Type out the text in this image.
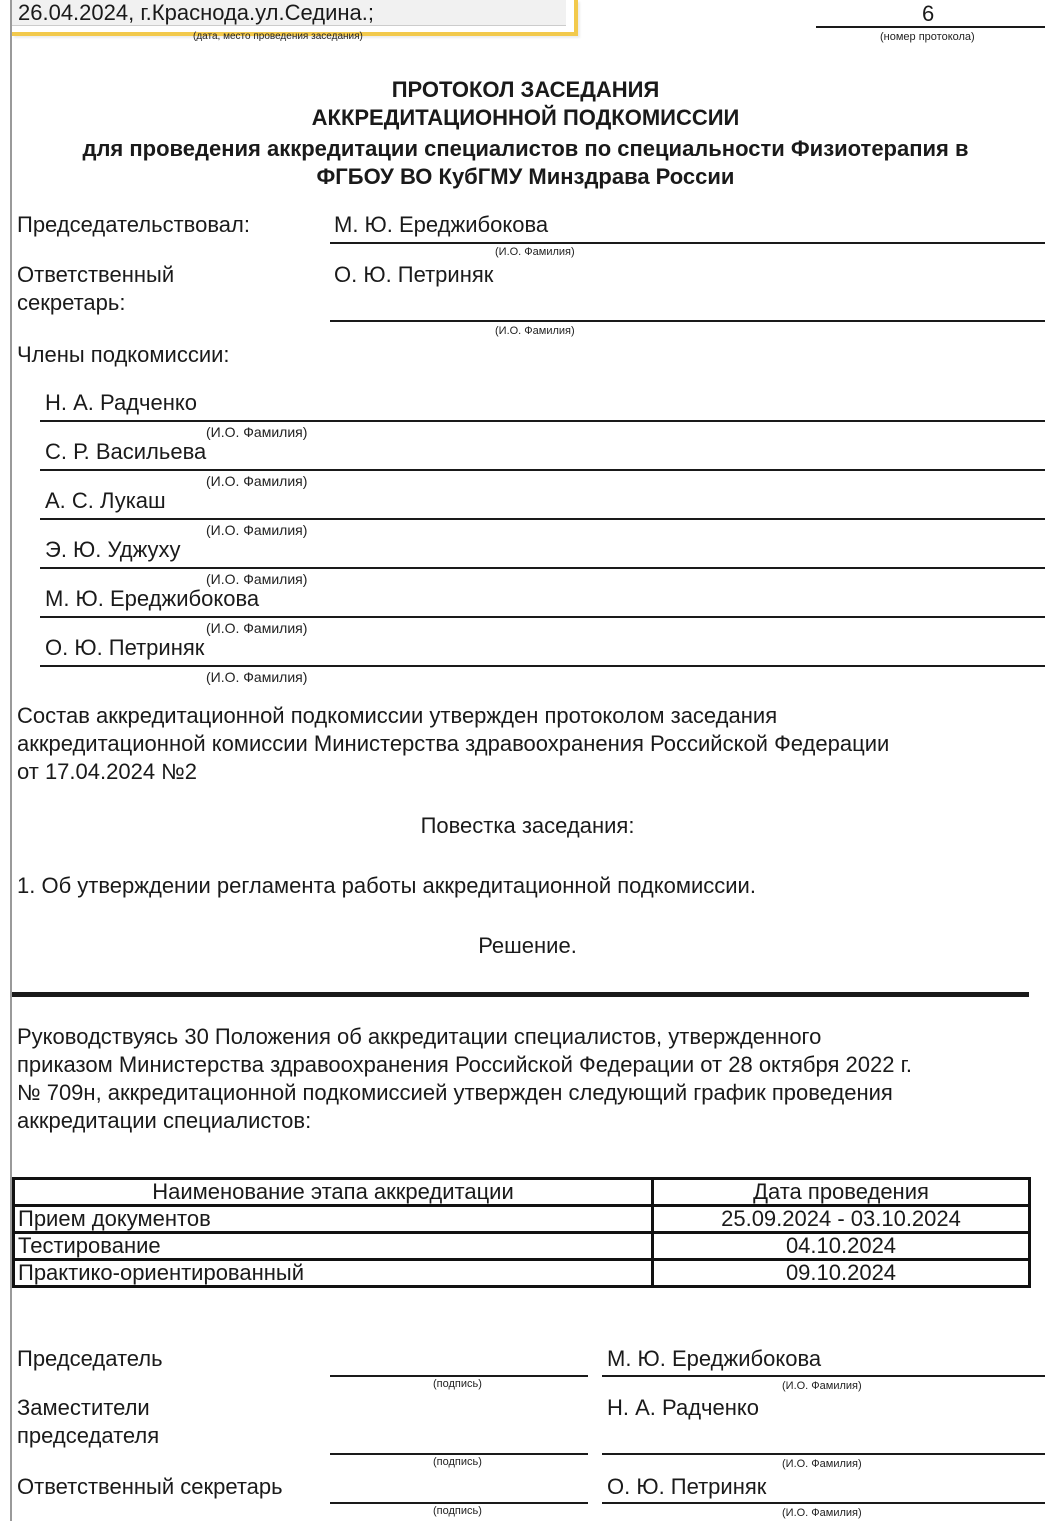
26.04.2024, г.Краснода.ул.Седина.;
(дата, место проведения заседания)
6
(номер протокола)
ПРОТОКОЛ ЗАСЕДАНИЯ
АККРЕДИТАЦИОННОЙ ПОДКОМИССИИ
для проведения аккредитации специалистов по специальности Физиотерапия в
ФГБОУ ВО КубГМУ Минздрава России
Председательствовал:	М. Ю. Ереджибокова
(И.О. Фамилия)
Ответственный
секретарь:
О. Ю. Петриняк
(И.О. Фамилия)
Члены подкомиссии:
Н. А. Радченко
(И.О. Фамилия)
С. Р. Васильева
(И.О. Фамилия)
А. С. Лукаш
(И.О. Фамилия)
Э. Ю. Уджуху
(И.О. Фамилия)
М. Ю. Ереджибокова
(И.О. Фамилия)
О. Ю. Петриняк
(И.О. Фамилия)
Состав аккредитационной подкомиссии утвержден протоколом заседания
аккредитационной комиссии Министерства здравоохранения Российской Федерации
от 17.04.2024 №2
Повестка заседания:
1. Об утверждении регламента работы аккредитационной подкомиссии.
Решение.
Руководствуясь 30 Положения об аккредитации специалистов, утвержденного
приказом Министерства здравоохранения Российской Федерации от 28 октября 2022 г.
№ 709н, аккредитационной подкомиссией утвержден следующий график проведения
аккредитации специалистов:
Наименование этапа аккредитации	Дата проведения
Прием документов	25.09.2024 - 03.10.2024
Тестирование	04.10.2024
Практико-ориентированный	09.10.2024
Председатель
(подпись)
М. Ю. Ереджибокова
(И.О. Фамилия)
Заместители
председателя
(подпись)
Н. А. Радченко
(И.О. Фамилия)
Ответственный секретарь
(подпись)
О. Ю. Петриняк
(И.О. Фамилия)
